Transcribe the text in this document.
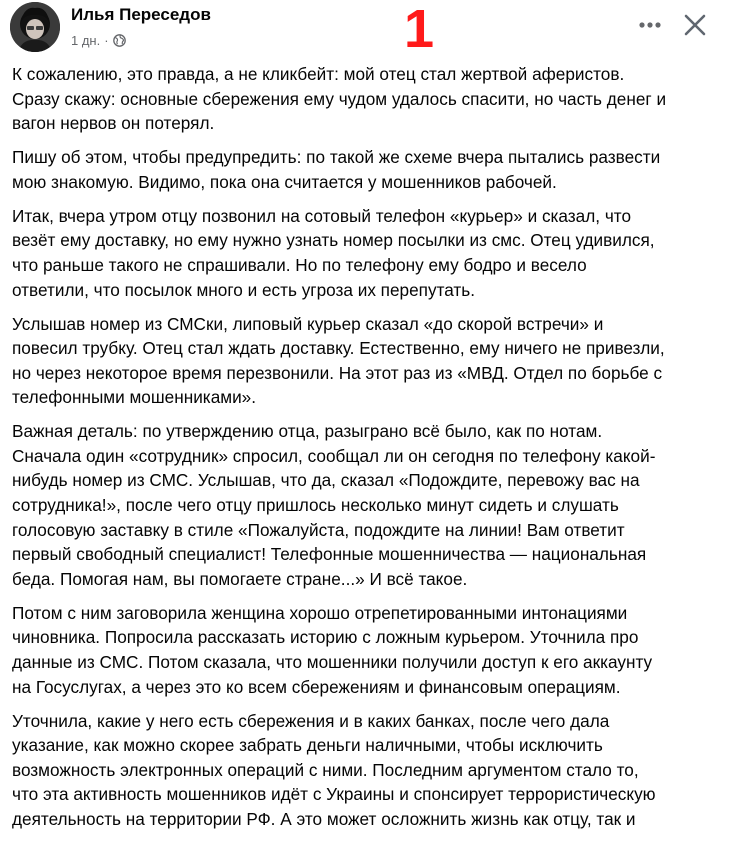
Илья Переседов
1 дн. ·	1

К сожалению, это правда, а не кликбейт: мой отец стал жертвой аферистов.
Сразу скажу: основные сбережения ему чудом удалось спасити, но часть денег и
вагон нервов он потерял.

Пишу об этом, чтобы предупредить: по такой же схеме вчера пытались развести
мою знакомую. Видимо, пока она считается у мошенников рабочей.

Итак, вчера утром отцу позвонил на сотовый телефон «курьер» и сказал, что
везёт ему доставку, но ему нужно узнать номер посылки из смс. Отец удивился,
что раньше такого не спрашивали. Но по телефону ему бодро и весело
ответили, что посылок много и есть угроза их перепутать.

Услышав номер из СМСки, липовый курьер сказал «до скорой встречи» и
повесил трубку. Отец стал ждать доставку. Естественно, ему ничего не привезли,
но через некоторое время перезвонили. На этот раз из «МВД. Отдел по борьбе с
телефонными мошенниками».

Важная деталь: по утверждению отца, разыграно всё было, как по нотам.
Сначала один «сотрудник» спросил, сообщал ли он сегодня по телефону какой-
нибудь номер из СМС. Услышав, что да, сказал «Подождите, перевожу вас на
сотрудника!», после чего отцу пришлось несколько минут сидеть и слушать
голосовую заставку в стиле «Пожалуйста, подождите на линии! Вам ответит
первый свободный специалист! Телефонные мошенничества — национальная
беда. Помогая нам, вы помогаете стране...» И всё такое.

Потом с ним заговорила женщина хорошо отрепетированными интонациями
чиновника. Попросила рассказать историю с ложным курьером. Уточнила про
данные из СМС. Потом сказала, что мошенники получили доступ к его аккаунту
на Госуслугах, а через это ко всем сбережениям и финансовым операциям.

Уточнила, какие у него есть сбережения и в каких банках, после чего дала
указание, как можно скорее забрать деньги наличными, чтобы исключить
возможность электронных операций с ними. Последним аргументом стало то,
что эта активность мошенников идёт с Украины и спонсирует террористическую
деятельность на территории РФ. А это может осложнить жизнь как отцу, так и
